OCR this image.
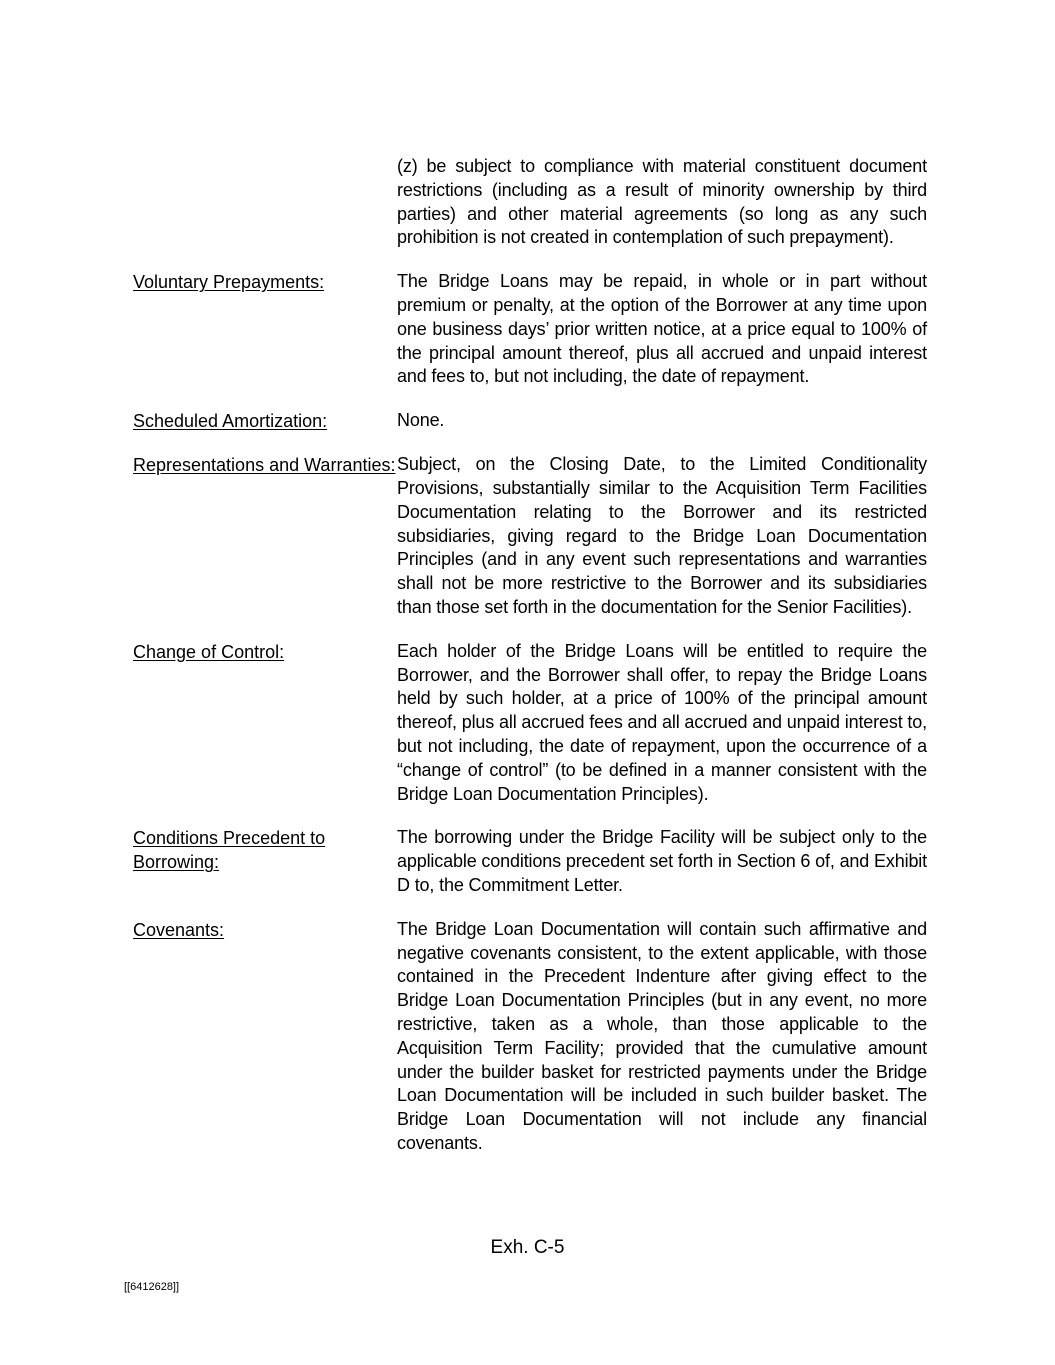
(z) be subject to compliance with material constituent document restrictions (including as a result of minority ownership by third parties) and other material agreements (so long as any such prohibition is not created in contemplation of such prepayment).
Voluntary Prepayments:	The Bridge Loans may be repaid, in whole or in part without premium or penalty, at the option of the Borrower at any time upon one business days’ prior written notice, at a price equal to 100% of the principal amount thereof, plus all accrued and unpaid interest and fees to, but not including, the date of repayment.
Scheduled Amortization:	None.
Representations and Warranties: Subject, on the Closing Date, to the Limited Conditionality Provisions, substantially similar to the Acquisition Term Facilities Documentation relating to the Borrower and its restricted subsidiaries, giving regard to the Bridge Loan Documentation Principles (and in any event such representations and warranties shall not be more restrictive to the Borrower and its subsidiaries than those set forth in the documentation for the Senior Facilities).
Change of Control:	Each holder of the Bridge Loans will be entitled to require the Borrower, and the Borrower shall offer, to repay the Bridge Loans held by such holder, at a price of 100% of the principal amount thereof, plus all accrued fees and all accrued and unpaid interest to, but not including, the date of repayment, upon the occurrence of a “change of control” (to be defined in a manner consistent with the Bridge Loan Documentation Principles).
Conditions Precedent to Borrowing:
The borrowing under the Bridge Facility will be subject only to the applicable conditions precedent set forth in Section 6 of, and Exhibit D to, the Commitment Letter.
Covenants:	The Bridge Loan Documentation will contain such affirmative and negative covenants consistent, to the extent applicable, with those contained in the Precedent Indenture after giving effect to the Bridge Loan Documentation Principles (but in any event, no more restrictive, taken as a whole, than those applicable to the Acquisition Term Facility; provided that the cumulative amount under the builder basket for restricted payments under the Bridge Loan Documentation will be included in such builder basket. The Bridge Loan Documentation will not include any financial covenants.
Exh. C-5
[[6412628]]
